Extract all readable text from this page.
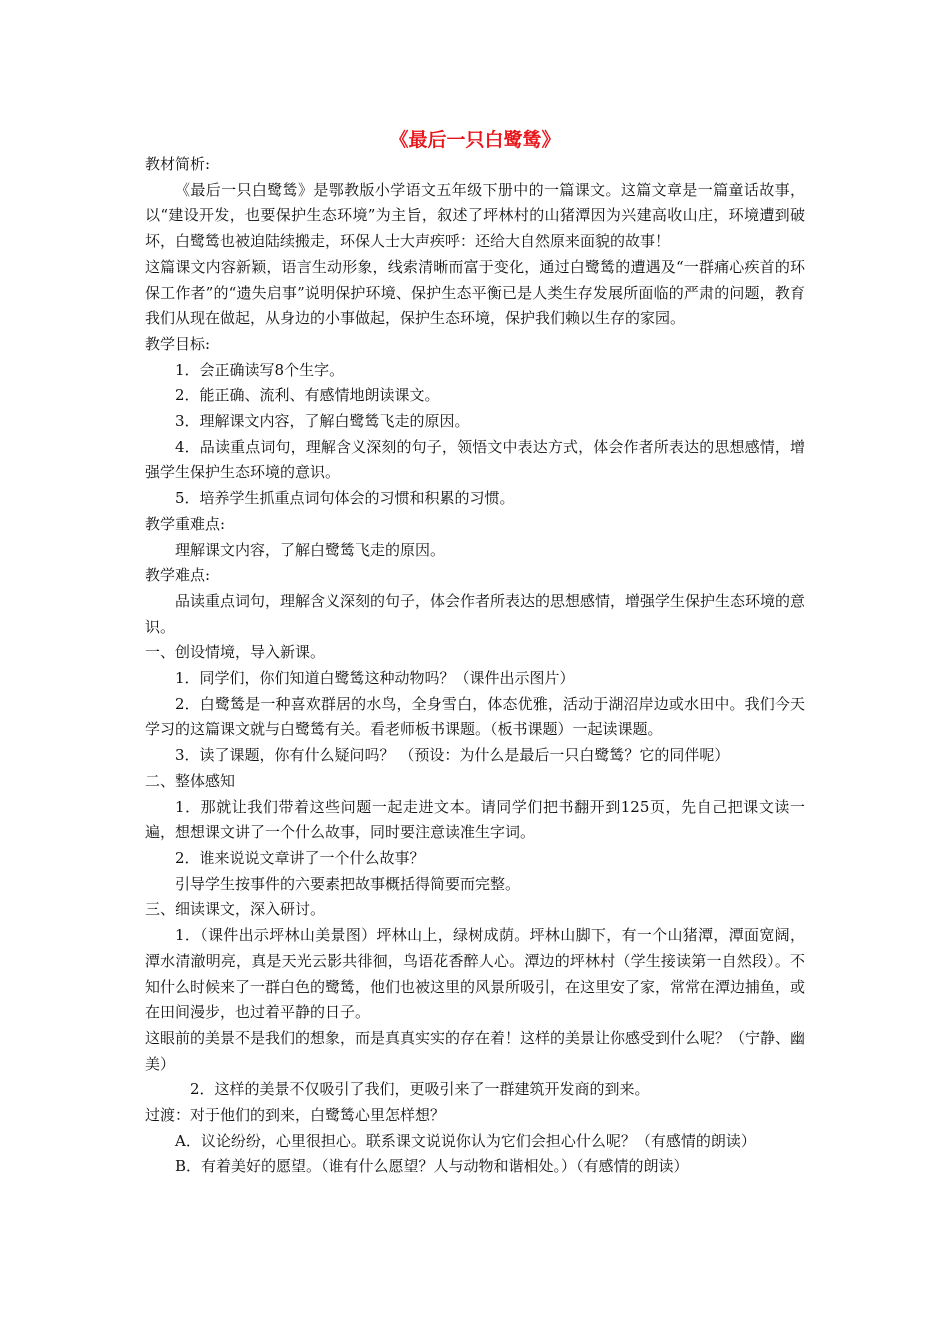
《最后一只白鹭鸶》

教材简析:

《最后一只白鹭鸶》是鄂教版小学语文五年级下册中的一篇课文。这篇文章是一篇童话故事，以“建设开发，也要保护生态环境”为主旨，叙述了坪林村的山猪潭因为兴建高收山庄，环境遭到破坏，白鹭鸶也被迫陆续搬走，环保人士大声疾呼：还给大自然原来面貌的故事！

这篇课文内容新颖，语言生动形象，线索清晰而富于变化，通过白鹭鸶的遭遇及“一群痛心疾首的环保工作者”的“遗失启事”说明保护环境、保护生态平衡已是人类生存发展所面临的严肃的问题，教育我们从现在做起，从身边的小事做起，保护生态环境，保护我们赖以生存的家园。

教学目标:

1．会正确读写8个生字。

2．能正确、流利、有感情地朗读课文。

3．理解课文内容，了解白鹭鸶飞走的原因。

4．品读重点词句，理解含义深刻的句子，领悟文中表达方式，体会作者所表达的思想感情，增强学生保护生态环境的意识。

5．培养学生抓重点词句体会的习惯和积累的习惯。

教学重难点:

理解课文内容，了解白鹭鸶飞走的原因。

教学难点:

品读重点词句，理解含义深刻的句子，体会作者所表达的思想感情，增强学生保护生态环境的意识。

一、创设情境，导入新课。

1．同学们，你们知道白鹭鸶这种动物吗？（课件出示图片）

2．白鹭鸶是一种喜欢群居的水鸟，全身雪白，体态优雅，活动于湖沼岸边或水田中。我们今天学习的这篇课文就与白鹭鸶有关。看老师板书课题。（板书课题）一起读课题。

3．读了课题，你有什么疑问吗？ （预设：为什么是最后一只白鹭鸶？它的同伴呢）

二、整体感知

1．那就让我们带着这些问题一起走进文本。请同学们把书翻开到125页，先自己把课文读一遍，想想课文讲了一个什么故事，同时要注意读准生字词。

2．谁来说说文章讲了一个什么故事？

引导学生按事件的六要素把故事概括得简要而完整。

三、细读课文，深入研讨。

1．（课件出示坪林山美景图）坪林山上，绿树成荫。坪林山脚下，有一个山猪潭，潭面宽阔，潭水清澈明亮，真是天光云影共徘徊，鸟语花香醉人心。潭边的坪林村（学生接读第一自然段）。不知什么时候来了一群白色的鹭鸶，他们也被这里的风景所吸引，在这里安了家，常常在潭边捕鱼，或在田间漫步，也过着平静的日子。

这眼前的美景不是我们的想象，而是真真实实的存在着！这样的美景让你感受到什么呢？（宁静、幽美）

2．这样的美景不仅吸引了我们，更吸引来了一群建筑开发商的到来。

过渡：对于他们的到来，白鹭鸶心里怎样想？

A．议论纷纷，心里很担心。联系课文说说你认为它们会担心什么呢？（有感情的朗读）

B．有着美好的愿望。（谁有什么愿望？人与动物和谐相处。）（有感情的朗读）
